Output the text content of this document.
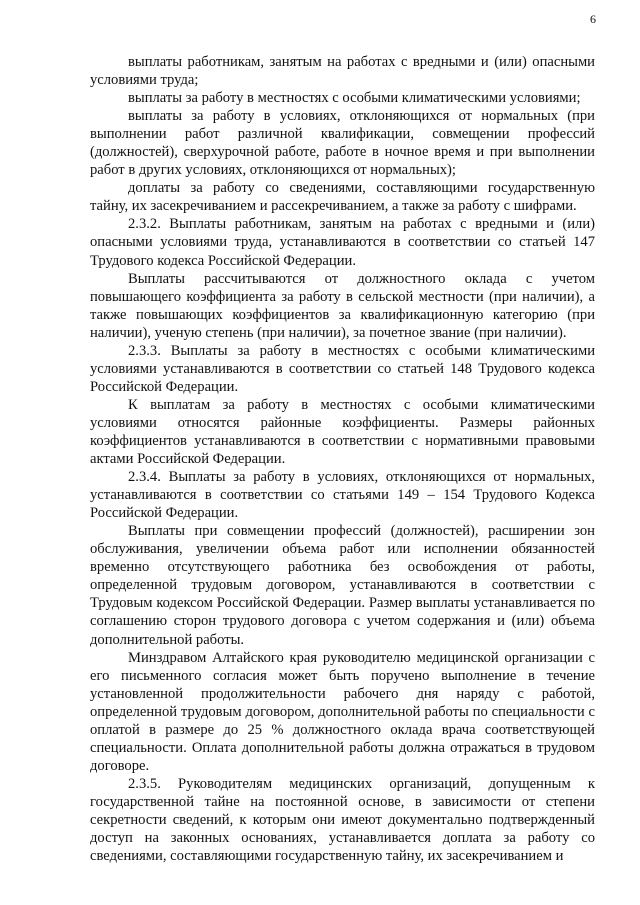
6

выплаты работникам, занятым на работах с вредными и (или) опасными условиями труда;

выплаты за работу в местностях с особыми климатическими условиями;

выплаты за работу в условиях, отклоняющихся от нормальных (при выполнении работ различной квалификации, совмещении профессий (должностей), сверхурочной работе, работе в ночное время и при выполнении работ в других условиях, отклоняющихся от нормальных);

доплаты за работу со сведениями, составляющими государственную тайну, их засекречиванием и рассекречиванием, а также за работу с шифрами.

2.3.2. Выплаты работникам, занятым на работах с вредными и (или) опасными условиями труда, устанавливаются в соответствии со статьей 147 Трудового кодекса Российской Федерации.

Выплаты рассчитываются от должностного оклада с учетом повышающего коэффициента за работу в сельской местности (при наличии), а также повышающих коэффициентов за квалификационную категорию (при наличии), ученую степень (при наличии), за почетное звание (при наличии).

2.3.3. Выплаты за работу в местностях с особыми климатическими условиями устанавливаются в соответствии со статьей 148 Трудового кодекса Российской Федерации.

К выплатам за работу в местностях с особыми климатическими условиями относятся районные коэффициенты. Размеры районных коэффициентов устанавливаются в соответствии с нормативными правовыми актами Российской Федерации.

2.3.4. Выплаты за работу в условиях, отклоняющихся от нормальных, устанавливаются в соответствии со статьями 149 – 154 Трудового Кодекса Российской Федерации.

Выплаты при совмещении профессий (должностей), расширении зон обслуживания, увеличении объема работ или исполнении обязанностей временно отсутствующего работника без освобождения от работы, определенной трудовым договором, устанавливаются в соответствии с Трудовым кодексом Российской Федерации. Размер выплаты устанавливается по соглашению сторон трудового договора с учетом содержания и (или) объема дополнительной работы.

Минздравом Алтайского края руководителю медицинской организации с его письменного согласия может быть поручено выполнение в течение установленной продолжительности рабочего дня наряду с работой, определенной трудовым договором, дополнительной работы по специальности с оплатой в размере до 25 % должностного оклада врача соответствующей специальности. Оплата дополнительной работы должна отражаться в трудовом договоре.

2.3.5. Руководителям медицинских организаций, допущенным к государственной тайне на постоянной основе, в зависимости от степени секретности сведений, к которым они имеют документально подтвержденный доступ на законных основаниях, устанавливается доплата за работу со сведениями, составляющими государственную тайну, их засекречиванием и
